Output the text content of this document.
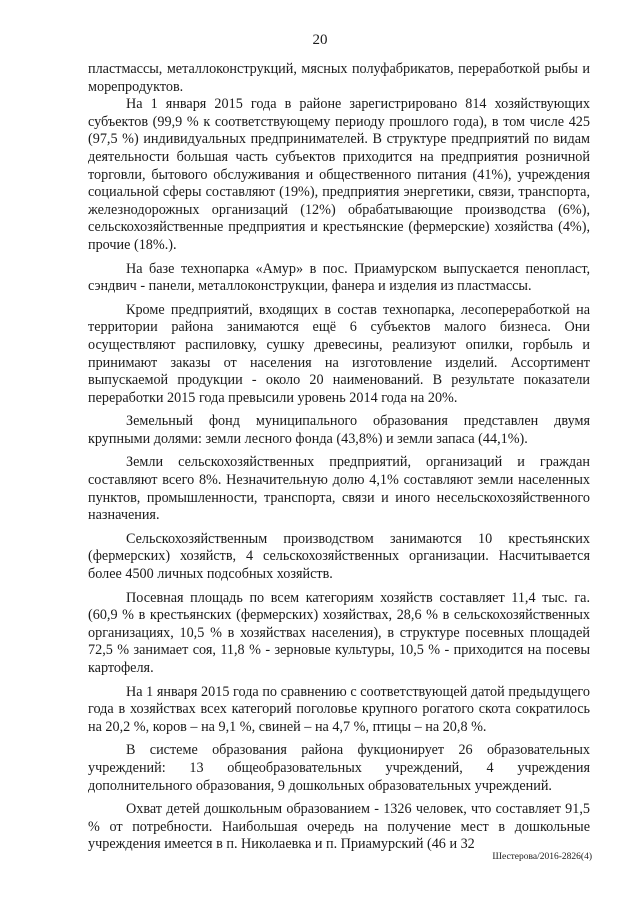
20

пластмассы, металлоконструкций, мясных полуфабрикатов, переработкой рыбы и морепродуктов.

На 1 января 2015 года в районе зарегистрировано 814 хозяйствующих субъектов (99,9 % к соответствующему периоду прошлого года), в том числе 425 (97,5 %) индивидуальных предпринимателей. В структуре предприятий по видам деятельности большая часть субъектов приходится на предприятия розничной торговли, бытового обслуживания и общественного питания (41%), учреждения социальной сферы составляют (19%), предприятия энергетики, связи, транспорта, железнодорожных организаций (12%) обрабатывающие производства (6%), сельскохозяйственные предприятия и крестьянские (фермерские) хозяйства (4%), прочие (18%.).

На базе технопарка «Амур» в пос. Приамурском выпускается пенопласт, сэндвич - панели, металлоконструкции, фанера и изделия из пластмассы.

Кроме предприятий, входящих в состав технопарка, лесопереработкой на территории района занимаются ещё 6 субъектов малого бизнеса. Они осуществляют распиловку, сушку древесины, реализуют опилки, горбыль и принимают заказы от населения на изготовление изделий. Ассортимент выпускаемой продукции - около 20 наименований. В результате показатели переработки 2015 года превысили уровень 2014 года на 20%.

Земельный фонд муниципального образования представлен двумя крупными долями: земли лесного фонда (43,8%) и земли запаса (44,1%).

Земли сельскохозяйственных предприятий, организаций и граждан составляют всего 8%. Незначительную долю 4,1% составляют земли населенных пунктов, промышленности, транспорта, связи и иного несельскохозяйственного назначения.

Сельскохозяйственным производством занимаются 10 крестьянских (фермерских) хозяйств, 4 сельскохозяйственных организации. Насчитывается более 4500 личных подсобных хозяйств.

Посевная площадь по всем категориям хозяйств составляет 11,4 тыс. га. (60,9 % в крестьянских (фермерских) хозяйствах, 28,6 % в сельскохозяйственных организациях, 10,5 % в хозяйствах населения), в структуре посевных площадей 72,5 % занимает соя, 11,8 % - зерновые культуры, 10,5 % - приходится на посевы картофеля.

На 1 января 2015 года по сравнению с соответствующей датой предыдущего года в хозяйствах всех категорий поголовье крупного рогатого скота сократилось на 20,2 %, коров – на 9,1 %, свиней – на 4,7 %, птицы – на 20,8 %.

В системе образования района фукционирует 26 образовательных учреждений: 13 общеобразовательных учреждений, 4 учреждения дополнительного образования, 9 дошкольных образовательных учреждений.

Охват детей дошкольным образованием - 1326 человек, что составляет 91,5 % от потребности. Наибольшая очередь на получение мест в дошкольные учреждения имеется в п. Николаевка и п. Приамурский (46 и 32

Шестерова/2016-2826(4)
